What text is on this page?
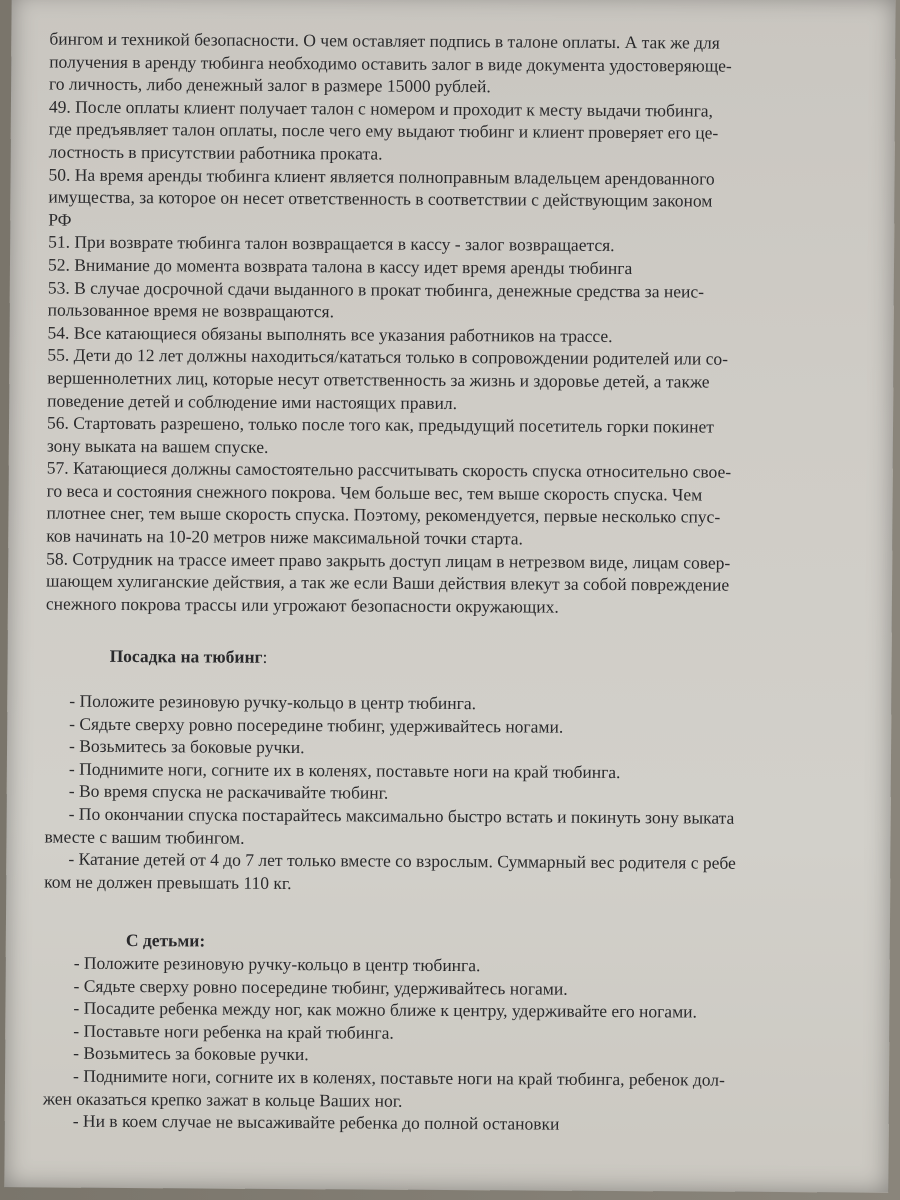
бингом и техникой безопасности. О чем оставляет подпись в талоне оплаты. А так же для

получения в аренду тюбинга необходимо оставить залог в виде документа удостоверяюще-

го личность, либо денежный залог в размере 15000 рублей.

49. После оплаты клиент получает талон с номером и проходит к месту выдачи тюбинга,

где предъявляет талон оплаты, после чего ему выдают тюбинг и клиент проверяет его це-

лостность в присутствии работника проката.

50. На время аренды тюбинга клиент является полноправным владельцем арендованного

имущества, за которое он несет ответственность в соответствии с действующим законом

РФ

51. При возврате тюбинга талон возвращается в кассу - залог возвращается.

52. Внимание до момента возврата талона в кассу идет время аренды тюбинга

53. В случае досрочной сдачи выданного в прокат тюбинга, денежные средства за неис-

пользованное время не возвращаются.

54. Все катающиеся обязаны выполнять все указания работников на трассе.

55. Дети до 12 лет должны находиться/кататься только в сопровождении родителей или со-

вершеннолетних лиц, которые несут ответственность за жизнь и здоровье детей, а также

поведение детей и соблюдение ими настоящих правил.

56. Стартовать разрешено, только после того как, предыдущий посетитель горки покинет

зону выката на вашем спуске.

57. Катающиеся должны самостоятельно рассчитывать скорость спуска относительно свое-

го веса и состояния снежного покрова. Чем больше вес, тем выше скорость спуска. Чем

плотнее снег, тем выше скорость спуска. Поэтому, рекомендуется, первые несколько спус-

ков начинать на 10-20 метров ниже максимальной точки старта.

58. Сотрудник на трассе имеет право закрыть доступ лицам в нетрезвом виде, лицам совер-

шающем хулиганские действия, а так же если Ваши действия влекут за собой повреждение

снежного покрова трассы или угрожают безопасности окружающих.

Посадка на тюбинг:

- Положите резиновую ручку-кольцо в центр тюбинга.

- Сядьте сверху ровно посередине тюбинг, удерживайтесь ногами.

- Возьмитесь за боковые ручки.

- Поднимите ноги, согните их в коленях, поставьте ноги на край тюбинга.

- Во время спуска не раскачивайте тюбинг.

- По окончании спуска постарайтесь максимально быстро встать и покинуть зону выката

вместе с вашим тюбингом.

- Катание детей от 4 до 7 лет только вместе со взрослым. Суммарный вес родителя с ребе

ком не должен превышать 110 кг.

С детьми:

- Положите резиновую ручку-кольцо в центр тюбинга.

- Сядьте сверху ровно посередине тюбинг, удерживайтесь ногами.

- Посадите ребенка между ног, как можно ближе к центру, удерживайте его ногами.

- Поставьте ноги ребенка на край тюбинга.

- Возьмитесь за боковые ручки.

- Поднимите ноги, согните их в коленях, поставьте ноги на край тюбинга, ребенок дол-

жен оказаться крепко зажат в кольце Ваших ног.

- Ни в коем случае не высаживайте ребенка до полной остановки
